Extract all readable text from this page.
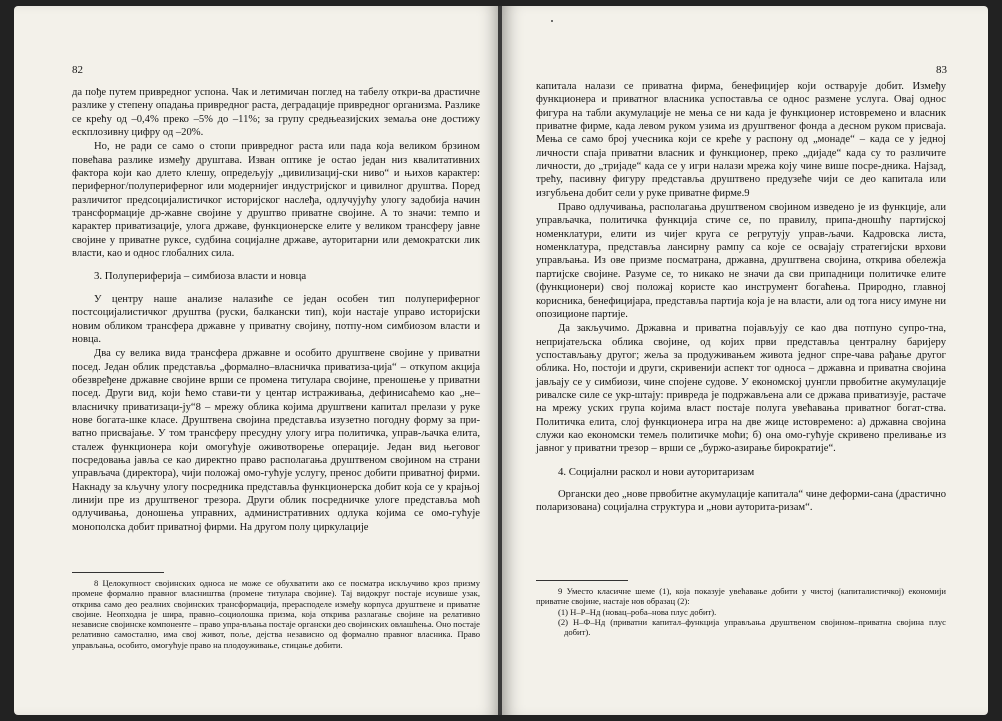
82

да пође путем привредног успона. Чак и летимичан поглед на табелу откри-ва драстичне разлике у степену опадања привредног раста, деградације привредног организма. Разлике се крећу од –0,4% преко –5% до –11%; за групу средњеазијских земаља оне достижу ескплозивну цифру од –20%.

Но, не ради се само о стопи привредног раста или пада која великом брзином повећава разлике између друштава. Изван оптике је остао један низ квалитативних фактора који као длето клешу, опредељују „цивилизациј-ски ниво“ и њихов карактер: периферног/полупериферног или модерниjeг индустријског и цивилног друштва. Поред различитог предсоцијалистичког историјског наслеђа, одлучујућу улогу задобија начин трансформације др-жавне својине у друштво приватне својине. А то значи: темпо и карактер приватизације, улога државе, функционерске елите у великом трансферу јавне својине у приватне руксе, судбина социјалне државе, ауторитарни или демократски лик власти, као и однос глобалних сила.

3. Полупериферија – симбиоза власти и новца

У центру наше анализе налазиће се један особен тип полупериферног постсоцијалистичког друштва (руски, балкански тип), који настаје управо историјски новим обликом трансфера државне у приватну својину, потпу-ном симбиозом власти и новца.

Два су велика вида трансфера државне и особито друштвене својине у приватни посед. Један облик представља „формално–власничка приватиза-ција“ – откупом акција обезвређене државне својине врши се промена титулара својине, преношење у приватни посед. Други вид, који ћемо стави-ти у центар истраживања, дефинисаћемо као „не–власничку приватизаци-ју“8 – мрежу облика којима друштвени капитал прелази у руке нове богата-шке класе. Друштвена својина представља изузетно погодну форму за при-ватно присвајање. У том трансферу пресудну улогу игра политичка, управ-љачка елита, сталеж функционера који омогућује оживотворење операције. Један вид његовог посредовања јавља се као директно право располагања друштвеном својином на страни управљача (директора), чији положај омо-гућује услугу, пренос добити приватној фирми. Накнаду за кључну улогу посредника представља функционерска добит која се у крајњој линији пре из друштвеног трезора. Други облик посредничке улоге представља моћ одлучивања, доношења управних, административних одлука којима се омо-гућује монополска добит приватној фирми. На другом полу циркулације

8 Целокупност својинских односа не може се обухватити ако се посматра искључиво кроз призму промене формално правног власништва (промене титулара својине). Тај видокруг постаје исувише узак, открива само део реалних својинских трансформација, прерасподеле између корпуса друштвене и приватне својине. Неопходна је шира, правно–социолошка призма, која открива разлагање својине на релативно независне својинске компоненте – право упра-вљања постаје органски део својинских овлашћења. Оно постаје релативно самостално, има свој живот, поље, дејства независно од формално правног власника. Право управљања, особито, омогућује право на плодоуживање, стицање добити.

83

капитала налази се приватна фирма, бенефицијер који остварује добит. Између функционера и приватног власника успоставља се однос размене услуга. Овај однос фигура на табли акумулације не мења се ни када је функционер истовремено и власник приватне фирме, када левом руком узима из друштвеног фонда а десном руком присваја. Мења се само број учесника који се креће у распону од „монаде“ – када се у једној личности спаја приватни власник и функционер, преко „дијаде“ када су то различите личности, до „тријаде“ када се у игри налази мрежа коју чине више посре-дника. Најзад, трећу, пасивну фигуру представља друштвено предузеће чији се део капитала или изгубљена добит сели у руке приватне фирме.9

Право одлучивања, располагања друштвеном својином изведено је из функције, али управљачка, политичка функција стиче се, по правилу, припа-дношћу партијској номенклатури, елити из чијег круга се регрутују управ-љачи. Кадровска листа, номенклатура, представља лансирну рампу са које се освајају стратегијски врхови управљања. Из ове призме посматрана, државна, друштвена својина, открива обележја партијске својине. Разуме се, то никако не значи да сви припадници политичке елите (функционери) свој положај користе као инструмент богаћења. Природно, главној корисника, бенефицијара, представља партија која је на власти, али од тога нису имуне ни опозиционе партије.

Да закључимо. Државна и приватна појављују се као два потпуно супро-тна, непријатељска облика својине, од којих први представља централну баријеру успостављању другог; жеља за продуживањем живота једног спре-чава рађање другог облика. Но, постоји и други, скривенији аспект тог односа – државна и приватна својина јављају се у симбиози, чине спојене судове. У економској џунгли првобитне акумулације ривалске силе се укр-штају: приврeда је подржављена али се држава приватизује, растаче на мрежу уских група којима власт постаје полуга увећавања приватног богат-ства. Политичка елита, слој функционера игра на две жице истовремено: а) државна својина служи као економски темељ политичке моћи; б) она омо-гућује скривено преливање из јавног у приватни трезор – врши се „буржо-азирање бирократије“.

4. Социјални раскол и нови ауторитаризам

Органски део „нове првобитне акумулације капитала“ чине деформи-сана (драстично поларизована) социјална структура и „нови ауторита-ризам“.

9 Уместо класичне шеме (1), која показује увећавање добити у чистој (капиталистичкој) економији приватне својине, настаје нов образац (2):

(1) Н–Р–Нд (новац–роба–нова плус добит).

(2) Н–Ф–Нд (приватни капитал–функција управљања друштвеном својином–приватна својина плус добит).
